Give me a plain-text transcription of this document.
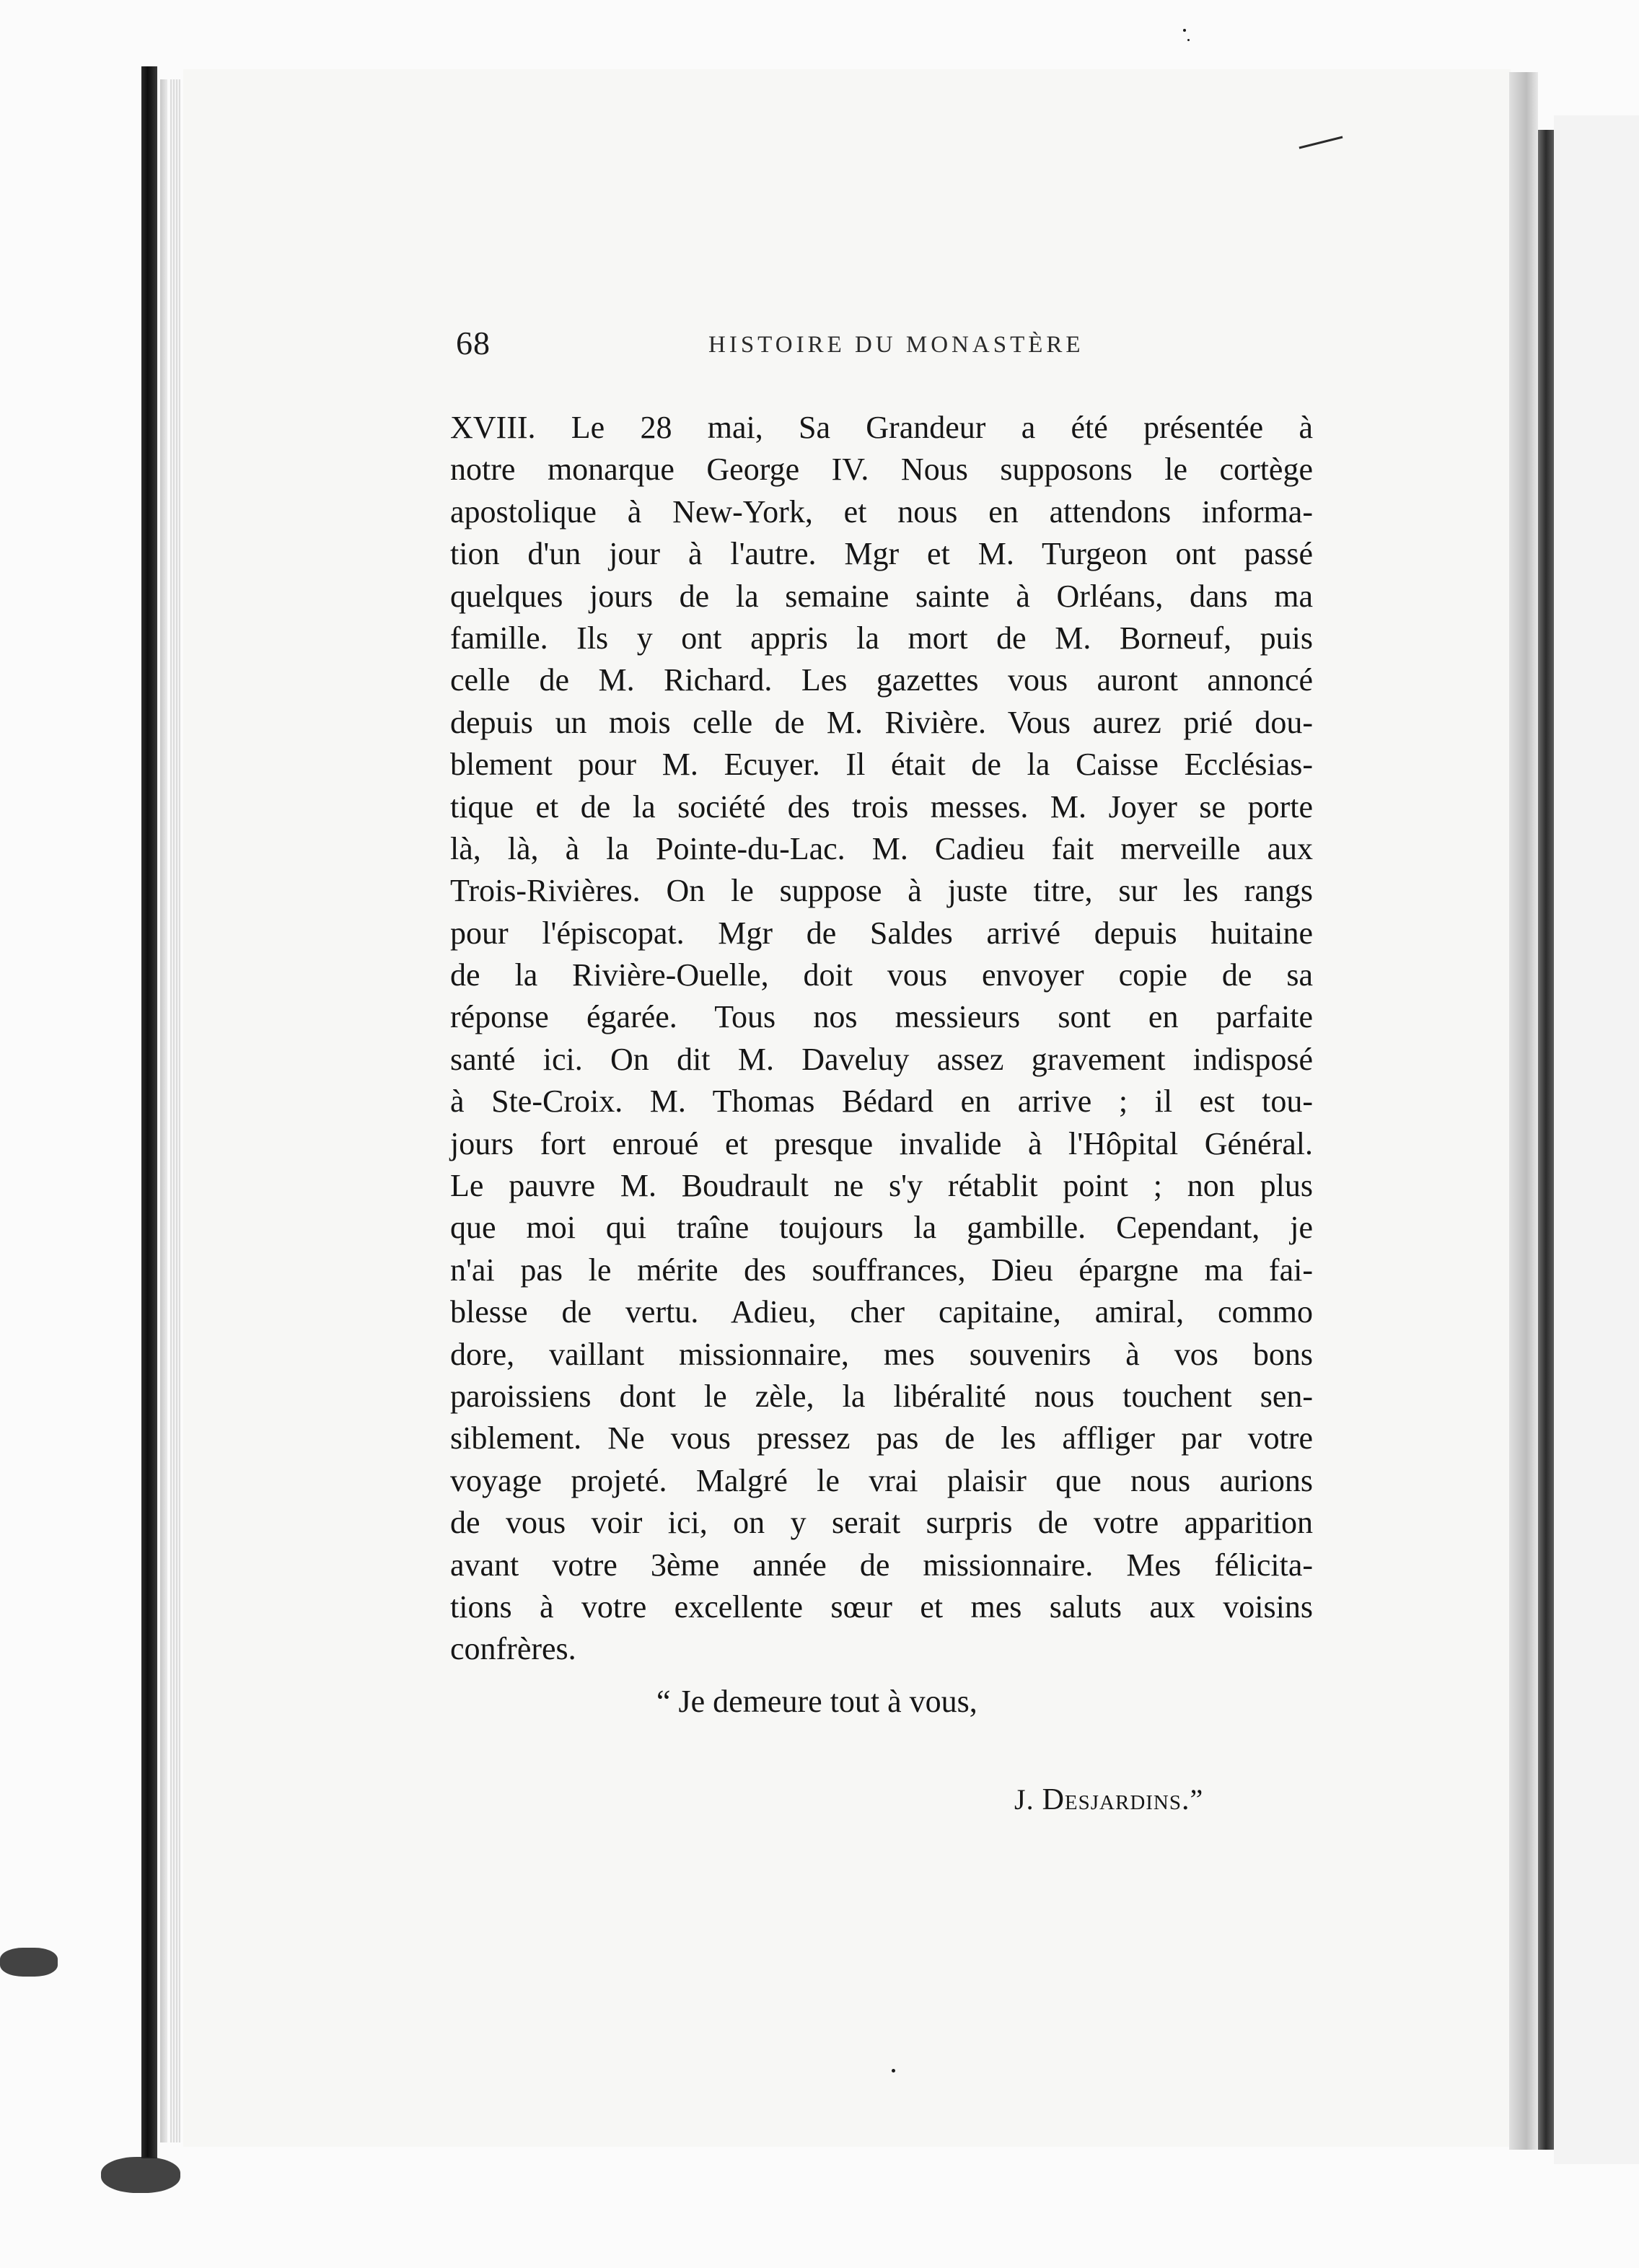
68	HISTOIRE DU MONASTÈRE
XVIII. Le 28 mai, Sa Grandeur a été présentée à
notre monarque George IV. Nous supposons le cortège
apostolique à New-York, et nous en attendons informa-
tion d'un jour à l'autre. Mgr et M. Turgeon ont passé
quelques jours de la semaine sainte à Orléans, dans ma
famille. Ils y ont appris la mort de M. Borneuf, puis
celle de M. Richard. Les gazettes vous auront annoncé
depuis un mois celle de M. Rivière. Vous aurez prié dou-
blement pour M. Ecuyer. Il était de la Caisse Ecclésias-
tique et de la société des trois messes. M. Joyer se porte
là, là, à la Pointe-du-Lac. M. Cadieu fait merveille aux
Trois-Rivières. On le suppose à juste titre, sur les rangs
pour l'épiscopat. Mgr de Saldes arrivé depuis huitaine
de la Rivière-Ouelle, doit vous envoyer copie de sa
réponse égarée. Tous nos messieurs sont en parfaite
santé ici. On dit M. Daveluy assez gravement indisposé
à Ste-Croix. M. Thomas Bédard en arrive ; il est tou-
jours fort enroué et presque invalide à l'Hôpital Général.
Le pauvre M. Boudrault ne s'y rétablit point ; non plus
que moi qui traîne toujours la gambille. Cependant, je
n'ai pas le mérite des souffrances, Dieu épargne ma fai-
blesse de vertu. Adieu, cher capitaine, amiral, commo
dore, vaillant missionnaire, mes souvenirs à vos bons
paroissiens dont le zèle, la libéralité nous touchent sen-
siblement. Ne vous pressez pas de les affliger par votre
voyage projeté. Malgré le vrai plaisir que nous aurions
de vous voir ici, on y serait surpris de votre apparition
avant votre 3ème année de missionnaire. Mes félicita-
tions à votre excellente sœur et mes saluts aux voisins
confrères.
“ Je demeure tout à vous,
J. Desjardins.”
